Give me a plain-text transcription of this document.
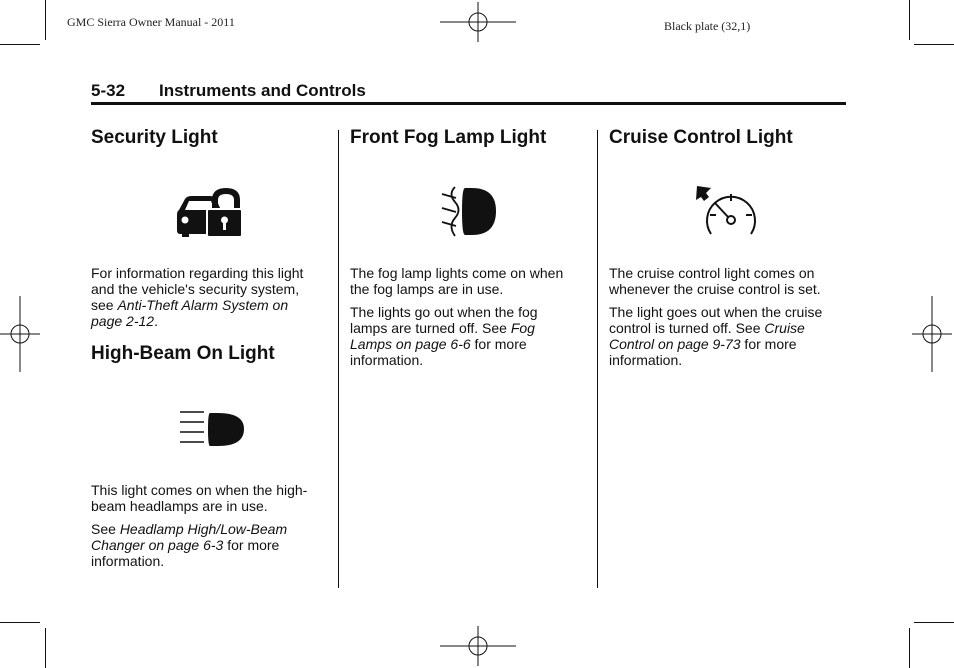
GMC Sierra Owner Manual - 2011	Black plate (32,1)
5-32 Instruments and Controls
Security Light

For information regarding this light and the vehicle's security system, see Anti-Theft Alarm System on page 2-12.

High-Beam On Light

This light comes on when the high-beam headlamps are in use.

See Headlamp High/Low-Beam Changer on page 6-3 for more information.

Front Fog Lamp Light

The fog lamp lights come on when the fog lamps are in use.

The lights go out when the fog lamps are turned off. See Fog Lamps on page 6-6 for more information.

Cruise Control Light

The cruise control light comes on whenever the cruise control is set.

The light goes out when the cruise control is turned off. See Cruise Control on page 9-73 for more information.
